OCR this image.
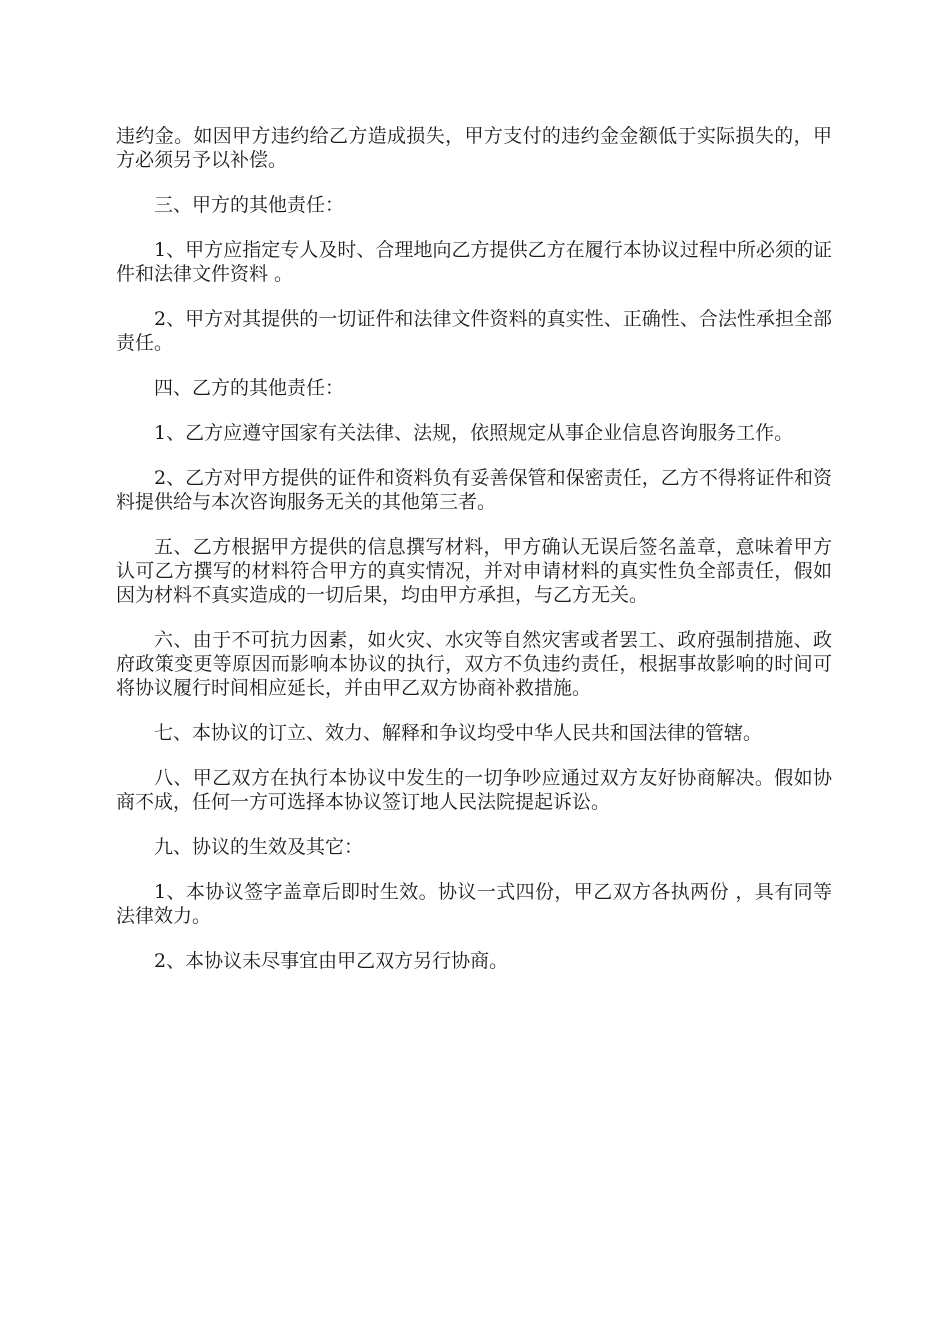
违约金。如因甲方违约给乙方造成损失，甲方支付的违约金金额低于实际损失的，甲方必须另予以补偿。

三、甲方的其他责任：

1、甲方应指定专人及时、合理地向乙方提供乙方在履行本协议过程中所必须的证件和法律文件资料 。

2、甲方对其提供的一切证件和法律文件资料的真实性、正确性、合法性承担全部责任。

四、乙方的其他责任：

1、乙方应遵守国家有关法律、法规，依照规定从事企业信息咨询服务工作。

2、乙方对甲方提供的证件和资料负有妥善保管和保密责任，乙方不得将证件和资料提供给与本次咨询服务无关的其他第三者。

五、乙方根据甲方提供的信息撰写材料，甲方确认无误后签名盖章，意味着甲方认可乙方撰写的材料符合甲方的真实情况，并对申请材料的真实性负全部责任，假如因为材料不真实造成的一切后果，均由甲方承担，与乙方无关。

六、由于不可抗力因素，如火灾、水灾等自然灾害或者罢工、政府强制措施、政府政策变更等原因而影响本协议的执行，双方不负违约责任，根据事故影响的时间可将协议履行时间相应延长，并由甲乙双方协商补救措施。

七、本协议的订立、效力、解释和争议均受中华人民共和国法律的管辖。

八、甲乙双方在执行本协议中发生的一切争吵应通过双方友好协商解决。假如协商不成，任何一方可选择本协议签订地人民法院提起诉讼。

九、协议的生效及其它：

1、本协议签字盖章后即时生效。协议一式四份，甲乙双方各执两份 ，具有同等法律效力。

2、本协议未尽事宜由甲乙双方另行协商。
